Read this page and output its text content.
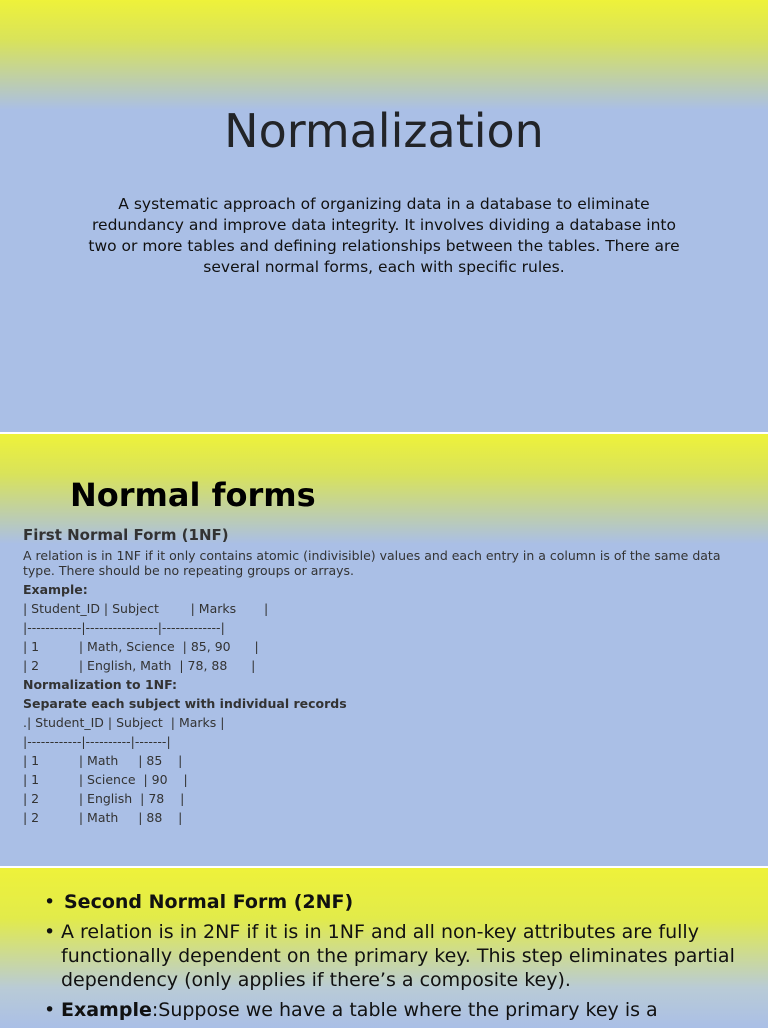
Normalization
A systematic approach of organizing data in a database to eliminate redundancy and improve data integrity. It involves dividing a database into two or more tables and defining relationships between the tables. There are several normal forms, each with specific rules.
Normal forms
First Normal Form (1NF)
A relation is in 1NF if it only contains atomic (indivisible) values and each entry in a column is of the same data type. There should be no repeating groups or arrays.
Example:
| Student_ID | Subject        | Marks       |
|------------|----------------|-------------|
| 1          | Math, Science  | 85, 90      |
| 2          | English, Math  | 78, 88      |
Normalization to 1NF:
Separate each subject with individual records
.| Student_ID | Subject  | Marks |
|------------|----------|-------|
| 1          | Math     | 85    |
| 1          | Science  | 90    |
| 2          | English  | 78    |
| 2          | Math     | 88    |
• Second Normal Form (2NF)
• A relation is in 2NF if it is in 1NF and all non-key attributes are fully functionally dependent on the primary key. This step eliminates partial dependency (only applies if there’s a composite key).
• Example:Suppose we have a table where the primary key is a
